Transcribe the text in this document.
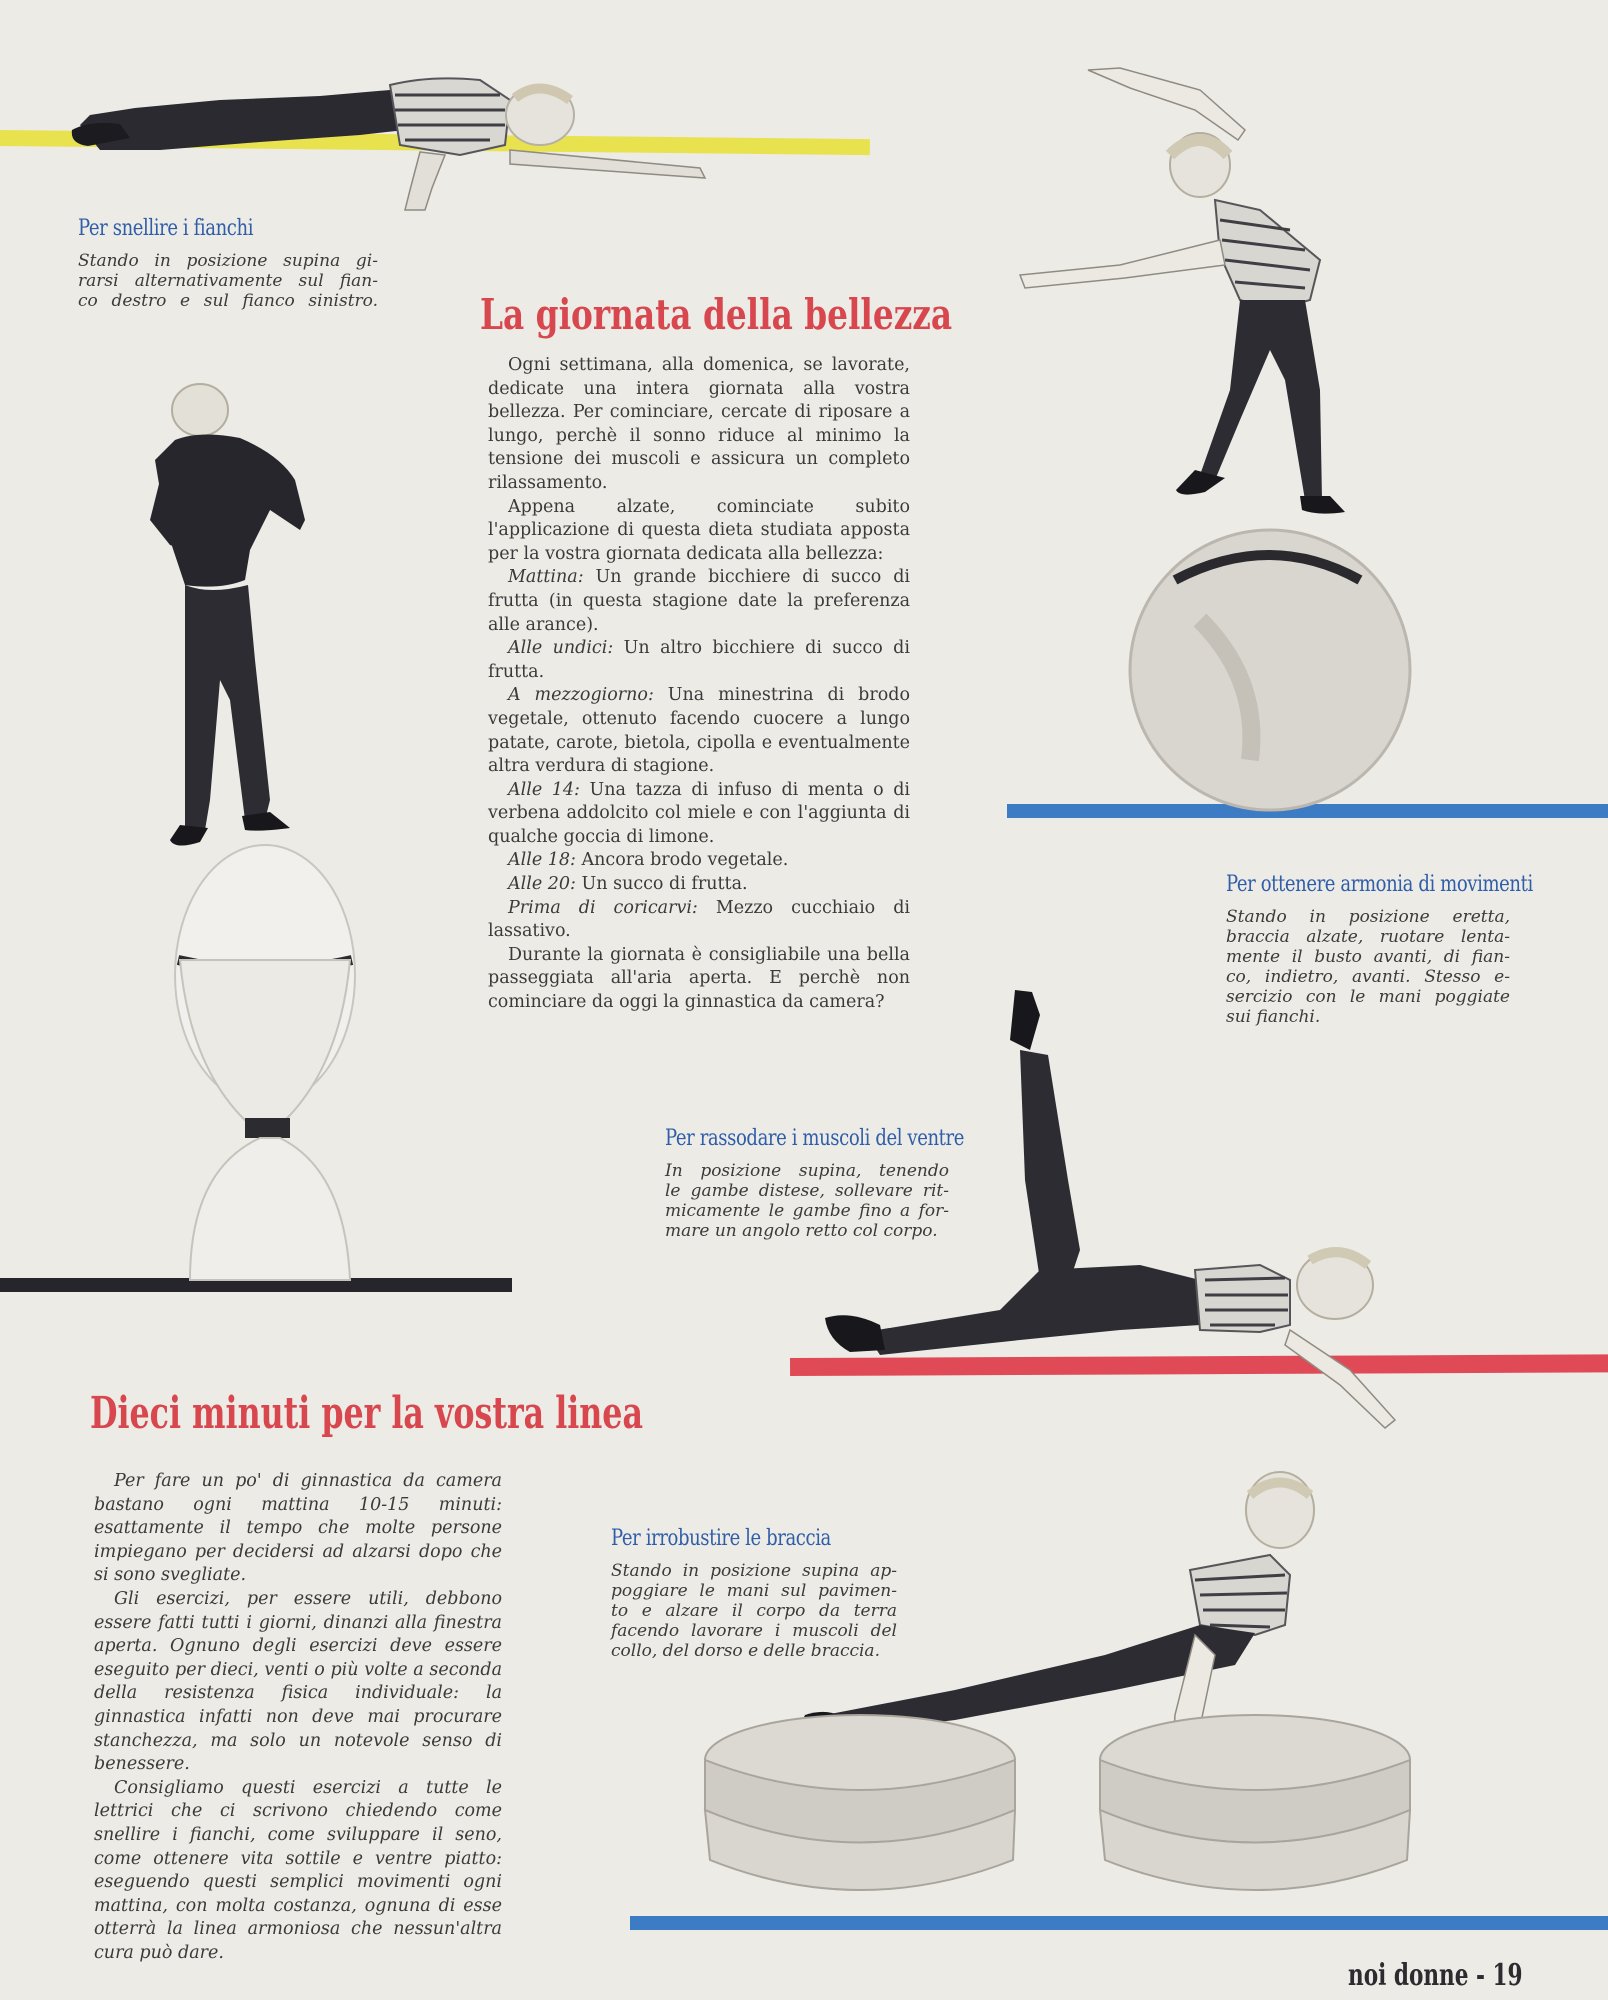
Per snellire i fianchi

Stando in posizione supina gi-

rarsi alternativamente sul fian-

co destro e sul fianco sinistro. La giornata della bellezza

Ogni settimana, alla domenica, se lavorate, dedicate una intera giornata alla vostra bellezza. Per cominciare, cercate di riposare a lungo, perchè il sonno riduce al minimo la tensione dei muscoli e assicura un completo rilassamento.

Appena alzate, cominciate subito l'applicazione di questa dieta studiata apposta per la vostra giornata dedicata alla bellezza:

Mattina: Un grande bicchiere di succo di frutta (in questa stagione date la preferenza alle arance).

Alle undici: Un altro bicchiere di succo di frutta.

A mezzogiorno: Una minestrina di brodo vegetale, ottenuto facendo cuocere a lungo patate, carote, bietola, cipolla e eventualmente altra verdura di stagione.

Alle 14: Una tazza di infuso di menta o di verbena addolcito col miele e con l'aggiunta di qualche goccia di limone.

Alle 18: Ancora brodo vegetale.

Alle 20: Un succo di frutta.

Prima di coricarvi: Mezzo cucchiaio di lassativo.

Durante la giornata è consigliabile una bella passeggiata all'aria aperta. E perchè non cominciare da oggi la ginnastica da camera?

Per ottenere armonia di movimenti

Stando in posizione eretta,

braccia alzate, ruotare lenta-

mente il busto avanti, di fian-

co, indietro, avanti. Stesso e-

sercizio con le mani poggiate

sui fianchi.

Per rassodare i muscoli del ventre

In posizione supina, tenendo

le gambe distese, sollevare rit-

micamente le gambe fino a for-

mare un angolo retto col corpo.

Dieci minuti per la vostra linea

Per fare un po' di ginnastica da camera bastano ogni mattina 10-15 minuti: esattamente il tempo che molte persone impiegano per decidersi ad alzarsi dopo che si sono svegliate.

Gli esercizi, per essere utili, debbono essere fatti tutti i giorni, dinanzi alla finestra aperta. Ognuno degli esercizi deve essere eseguito per dieci, venti o più volte a seconda della resistenza fisica individuale: la ginnastica infatti non deve mai procurare stanchezza, ma solo un notevole senso di benessere.

Consigliamo questi esercizi a tutte le lettrici che ci scrivono chiedendo come snellire i fianchi, come sviluppare il seno, come ottenere vita sottile e ventre piatto: eseguendo questi semplici movimenti ogni mattina, con molta costanza, ognuna di esse otterrà la linea armoniosa che nessun'altra cura può dare.

Per irrobustire le braccia

Stando in posizione supina ap-

poggiare le mani sul pavimen-

to e alzare il corpo da terra

facendo lavorare i muscoli del

collo, del dorso e delle braccia.

noi donne - 19
